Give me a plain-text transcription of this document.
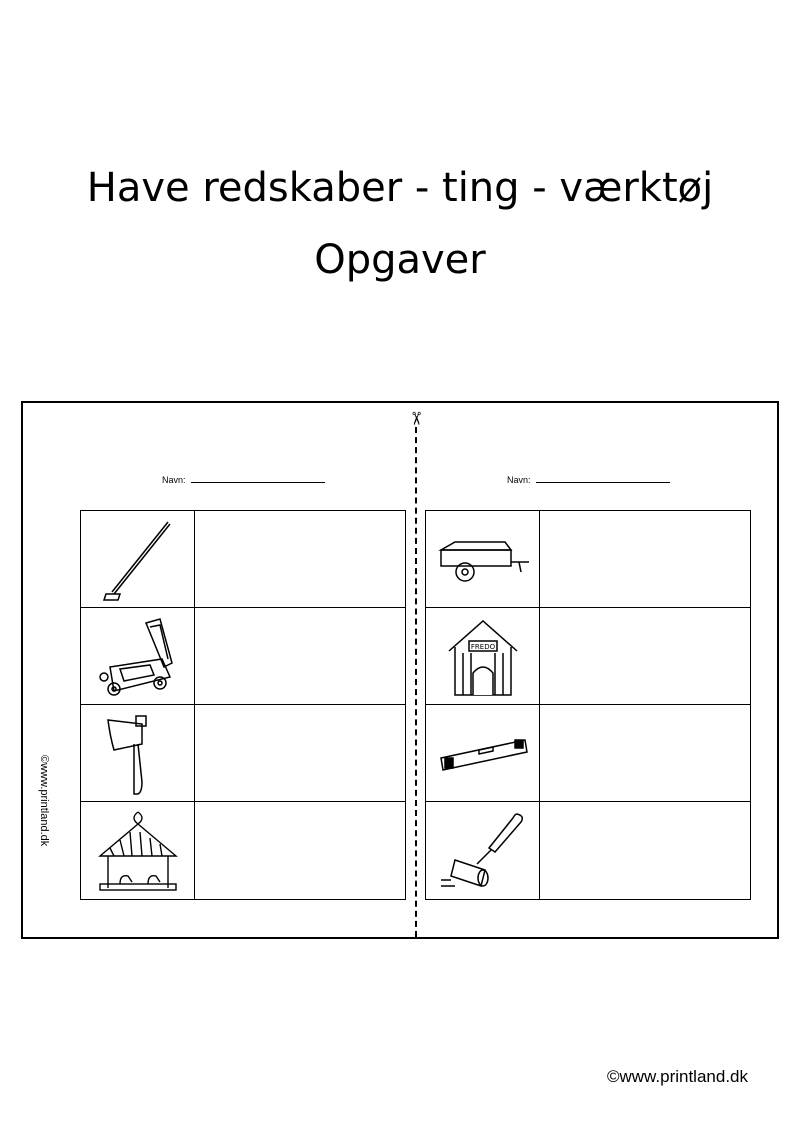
Have redskaber - ting - værktøj
Opgaver
✂
Navn:	Navn:
FREDO
©www.printland.dk
©www.printland.dk
